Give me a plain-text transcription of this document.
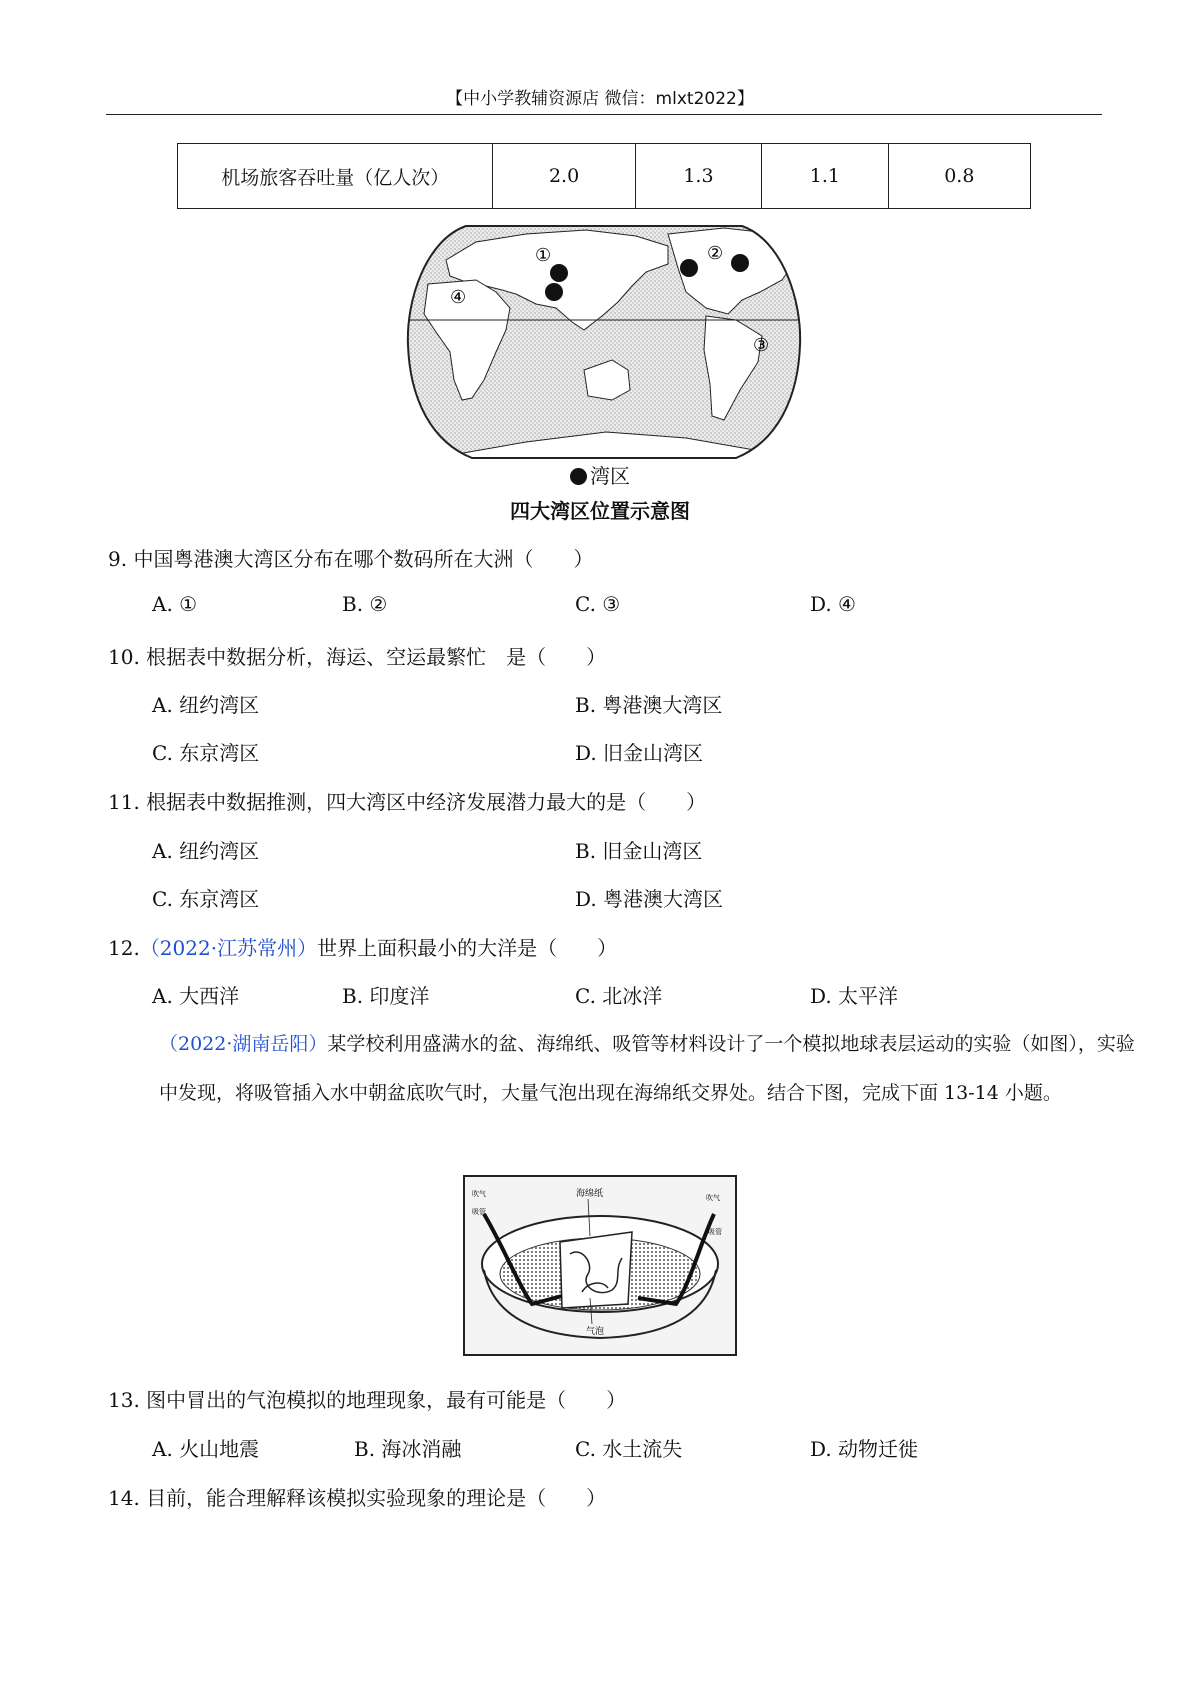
【中小学教辅资源店 微信：mlxt2022】
机场旅客吞吐量（亿人次）	2.0	1.3	1.1	0.8
①	②
③
④
湾区
四大湾区位置示意图
9. 中国粤港澳大湾区分布在哪个数码所在大洲（　　）
A. ①	B. ②	C. ③	D. ④
10. 根据表中数据分析，海运、空运最繁忙　是（　　）
A. 纽约湾区	B. 粤港澳大湾区
C. 东京湾区	D. 旧金山湾区
11. 根据表中数据推测，四大湾区中经济发展潜力最大的是（　　）
A. 纽约湾区	B. 旧金山湾区
C. 东京湾区	D. 粤港澳大湾区
12.（2022·江苏常州）世界上面积最小的大洋是（　　）
A. 大西洋	B. 印度洋	C. 北冰洋	D. 太平洋
（2022·湖南岳阳）某学校利用盛满水的盆、海绵纸、吸管等材料设计了一个模拟地球表层运动的实验（如图），实验中发现，将吸管插入水中朝盆底吹气时，大量气泡出现在海绵纸交界处。结合下图，完成下面 13-14 小题。
海绵纸
吹气
吸管
吹气
吸管
气泡
13. 图中冒出的气泡模拟的地理现象，最有可能是（　　）
A. 火山地震	B. 海冰消融	C. 水土流失	D. 动物迁徙
14. 目前，能合理解释该模拟实验现象的理论是（　　）
